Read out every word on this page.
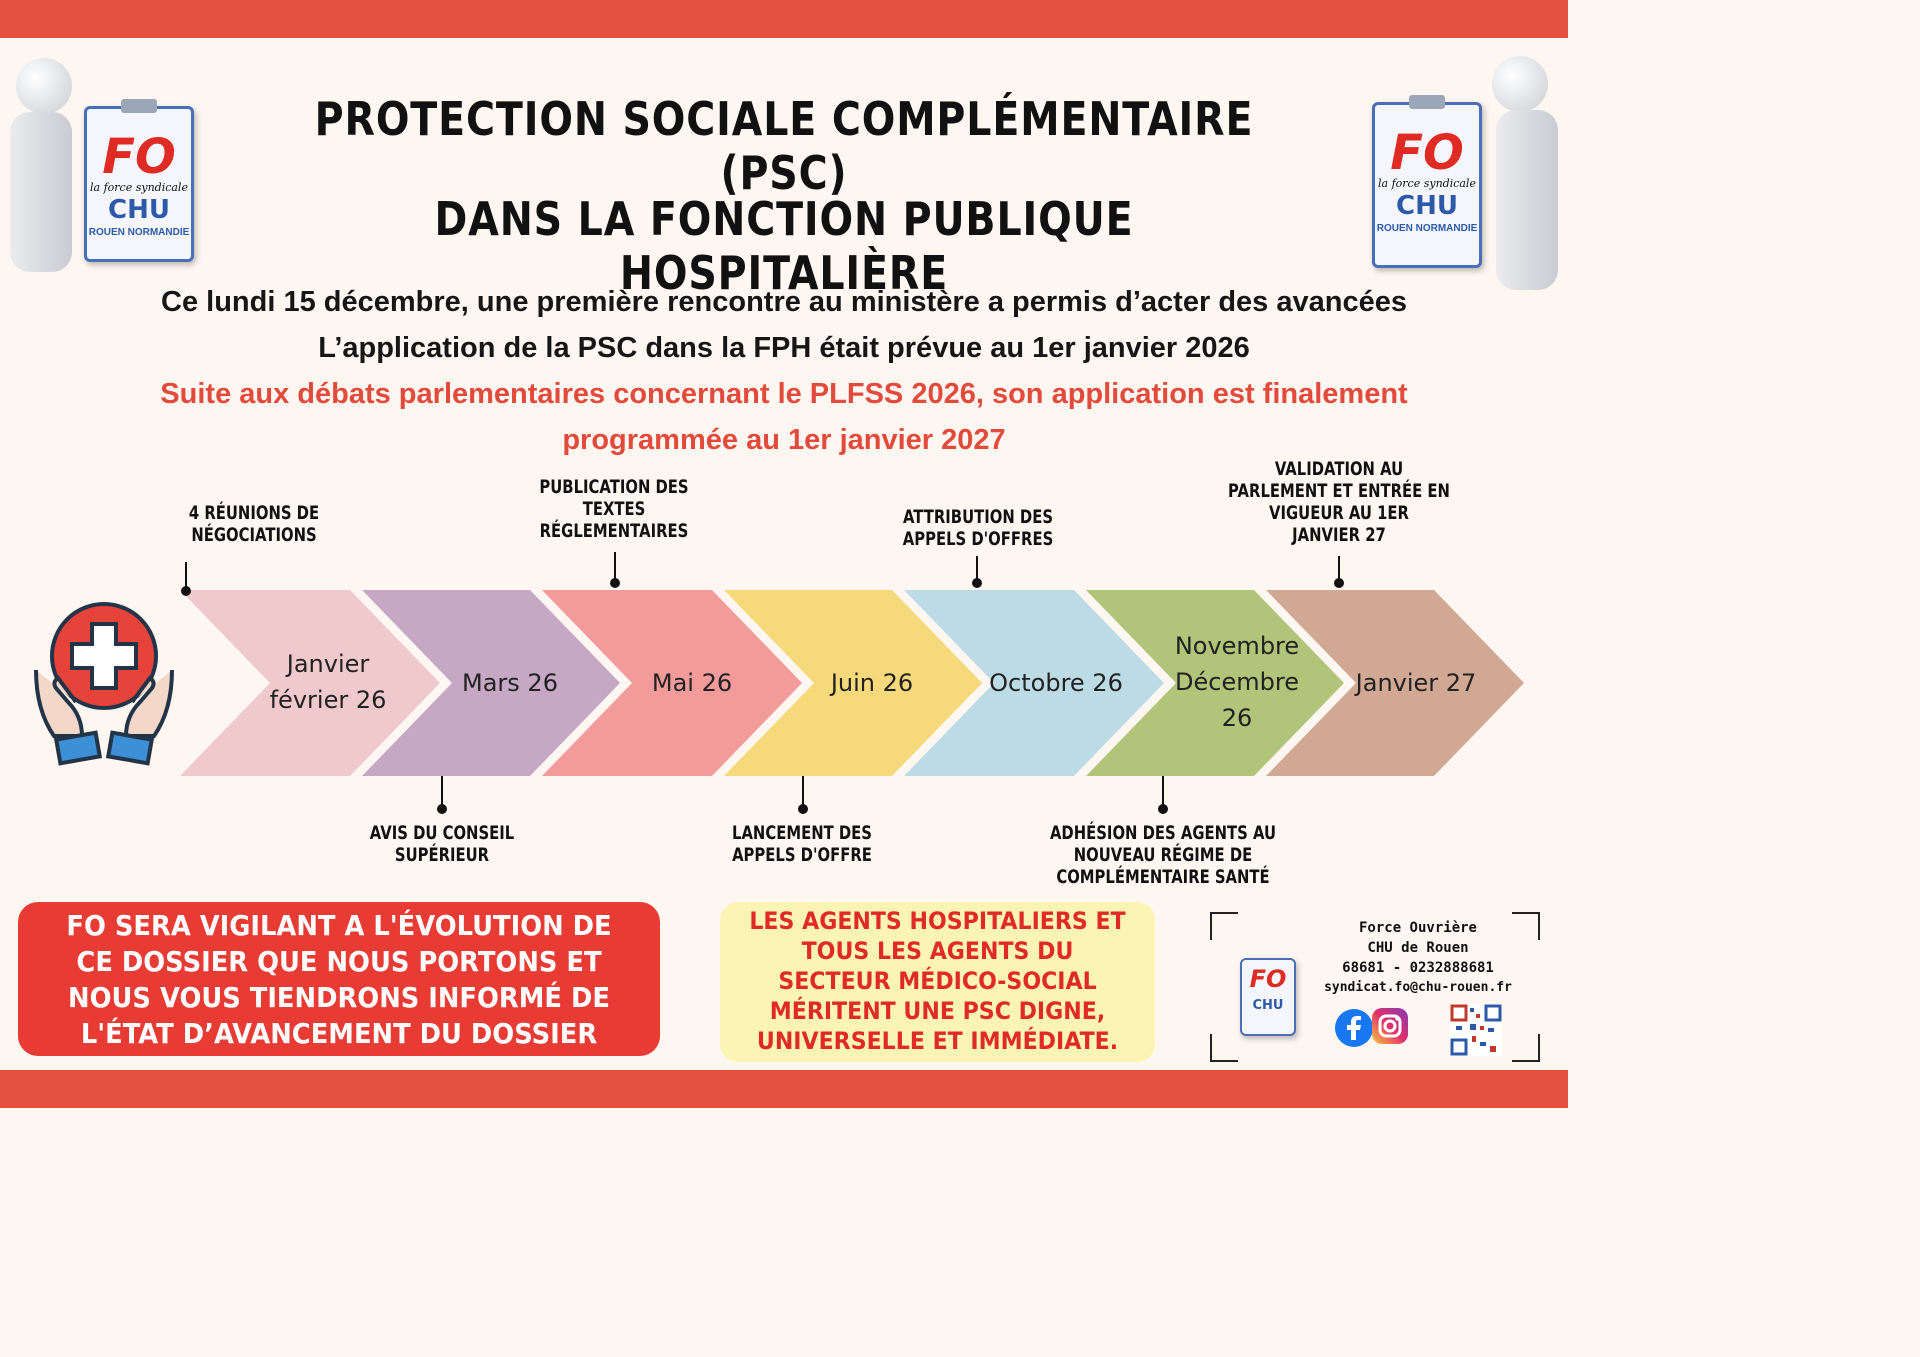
FO
la force syndicale
CHU
ROUEN NORMANDIE
FO
la force syndicale
CHU
ROUEN NORMANDIE
PROTECTION SOCIALE COMPLÉMENTAIRE (PSC)
DANS LA FONCTION PUBLIQUE HOSPITALIÈRE
Ce lundi 15 décembre, une première rencontre au ministère a permis d’acter des avancées
L’application de la PSC dans la FPH était prévue au 1er janvier 2026
Suite aux débats parlementaires concernant le PLFSS 2026, son application est finalement
programmée au 1er janvier 2027
Janvier
février 26
Mars 26	Mai 26	Juin 26	Octobre 26
Novembre
Décembre
26
Janvier 27
4 RÉUNIONS DE
NÉGOCIATIONS
PUBLICATION DES
TEXTES
RÉGLEMENTAIRES
ATTRIBUTION DES
APPELS D'OFFRES
VALIDATION AU
PARLEMENT ET ENTRÉE EN
VIGUEUR AU 1ER
JANVIER 27
AVIS DU CONSEIL
SUPÉRIEUR
LANCEMENT DES
APPELS D'OFFRE
ADHÉSION DES AGENTS AU
NOUVEAU RÉGIME DE
COMPLÉMENTAIRE SANTÉ
FO SERA VIGILANT A L'ÉVOLUTION DE
CE DOSSIER QUE NOUS PORTONS ET
NOUS VOUS TIENDRONS INFORMÉ DE
L'ÉTAT D’AVANCEMENT DU DOSSIER
LES AGENTS HOSPITALIERS ET
TOUS LES AGENTS DU
SECTEUR MÉDICO-SOCIAL
MÉRITENT UNE PSC DIGNE,
UNIVERSELLE ET IMMÉDIATE.
FO
CHU
Force Ouvrière
CHU de Rouen
68681 - 0232888681
syndicat.fo@chu-rouen.fr
